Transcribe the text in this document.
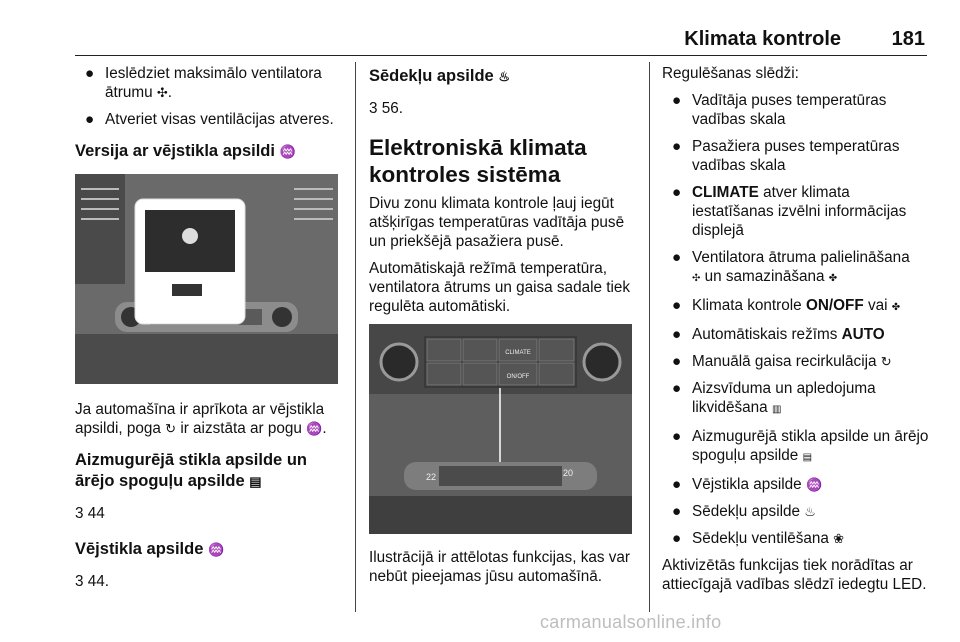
Klimata kontrole	181
● Ieslēdziet maksimālo ventilatora ātrumu ✣.
● Atveriet visas ventilācijas atveres.
Versija ar vējstikla apsildi ♒
Ja automašīna ir aprīkota ar vējstikla apsildi, poga ↻ ir aizstāta ar pogu ♒.
Aizmugurējā stikla apsilde un ārējo spoguļu apsilde ▤
3 44
Vējstikla apsilde ♒
3 44.
Sēdekļu apsilde ♨
3 56.
Elektroniskā klimata kontroles sistēma
Divu zonu klimata kontrole ļauj iegūt atšķirīgas temperatūras vadītāja pusē un priekšējā pasažiera pusē.
Automātiskajā režīmā temperatūra, ventilatora ātrums un gaisa sadale tiek regulēta automātiski.
CLIMATE
ON/OFF
22	20
Ilustrācijā ir attēlotas funkcijas, kas var nebūt pieejamas jūsu automašīnā.
Regulēšanas slēdži:
● Vadītāja puses temperatūras vadības skala
● Pasažiera puses temperatūras vadības skala
● CLIMATE atver klimata iestatīšanas izvēlni informācijas displejā
● Ventilatora ātruma palielināšana
✣ un samazināšana ✤
● Klimata kontrole ON/OFF vai ✤
● Automātiskais režīms AUTO
● Manuālā gaisa recirkulācija ↻
● Aizsvīduma un apledojuma likvidēšana ▥
● Aizmugurējā stikla apsilde un ārējo spoguļu apsilde ▤
● Vējstikla apsilde ♒
● Sēdekļu apsilde ♨
● Sēdekļu ventilēšana ❀
Aktivizētās funkcijas tiek norādītas ar attiecīgajā vadības slēdzī iedegtu LED.
carmanualsonline.info
